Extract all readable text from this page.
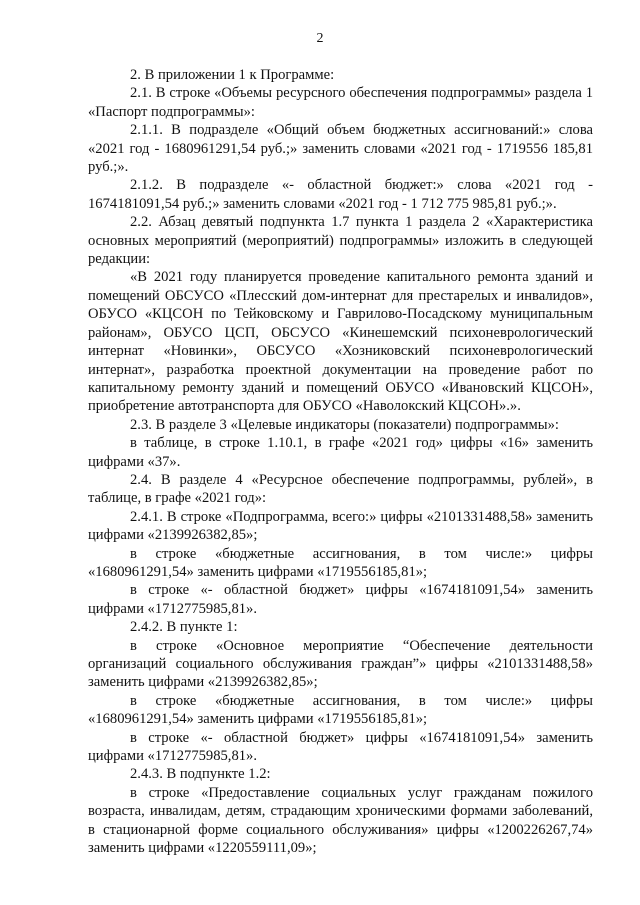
2

2. В приложении 1 к Программе:

2.1. В строке «Объемы ресурсного обеспечения подпрограммы» раздела 1 «Паспорт подпрограммы»:

2.1.1. В подразделе «Общий объем бюджетных ассигнований:» слова «2021 год - 1680961291,54 руб.;» заменить словами «2021 год - 1719556 185,81 руб.;».

2.1.2. В подразделе «- областной бюджет:» слова «2021 год - 1674181091,54 руб.;» заменить словами «2021 год - 1 712 775 985,81 руб.;».

2.2. Абзац девятый подпункта 1.7 пункта 1 раздела 2 «Характеристика основных мероприятий (мероприятий) подпрограммы» изложить в следующей редакции:

«В 2021 году планируется проведение капитального ремонта зданий и помещений ОБСУСО «Плесский дом-интернат для престарелых и инвалидов», ОБУСО «КЦСОН по Тейковскому и Гаврилово-Посадскому муниципальным районам», ОБУСО ЦСП, ОБСУСО «Кинешемский психоневрологический интернат «Новинки», ОБСУСО «Хозниковский психоневрологический интернат», разработка проектной документации на проведение работ по капитальному ремонту зданий и помещений ОБУСО «Ивановский КЦСОН», приобретение автотранспорта для ОБУСО «Наволокский КЦСОН».».

2.3. В разделе 3 «Целевые индикаторы (показатели) подпрограммы»:

в таблице, в строке 1.10.1, в графе «2021 год» цифры «16» заменить цифрами «37».

2.4. В разделе 4 «Ресурсное обеспечение подпрограммы, рублей», в таблице, в графе «2021 год»:

2.4.1. В строке «Подпрограмма, всего:» цифры «2101331488,58» заменить цифрами «2139926382,85»;

в строке «бюджетные ассигнования, в том числе:» цифры «1680961291,54» заменить цифрами «1719556185,81»;

в строке «- областной бюджет» цифры «1674181091,54» заменить цифрами «1712775985,81».

2.4.2. В пункте 1:

в строке «Основное мероприятие “Обеспечение деятельности организаций социального обслуживания граждан”» цифры «2101331488,58» заменить цифрами «2139926382,85»;

в строке «бюджетные ассигнования, в том числе:» цифры «1680961291,54» заменить цифрами «1719556185,81»;

в строке «- областной бюджет» цифры «1674181091,54» заменить цифрами «1712775985,81».

2.4.3. В подпункте 1.2:

в строке «Предоставление социальных услуг гражданам пожилого возраста, инвалидам, детям, страдающим хроническими формами заболеваний, в стационарной форме социального обслуживания» цифры «1200226267,74» заменить цифрами «1220559111,09»;
